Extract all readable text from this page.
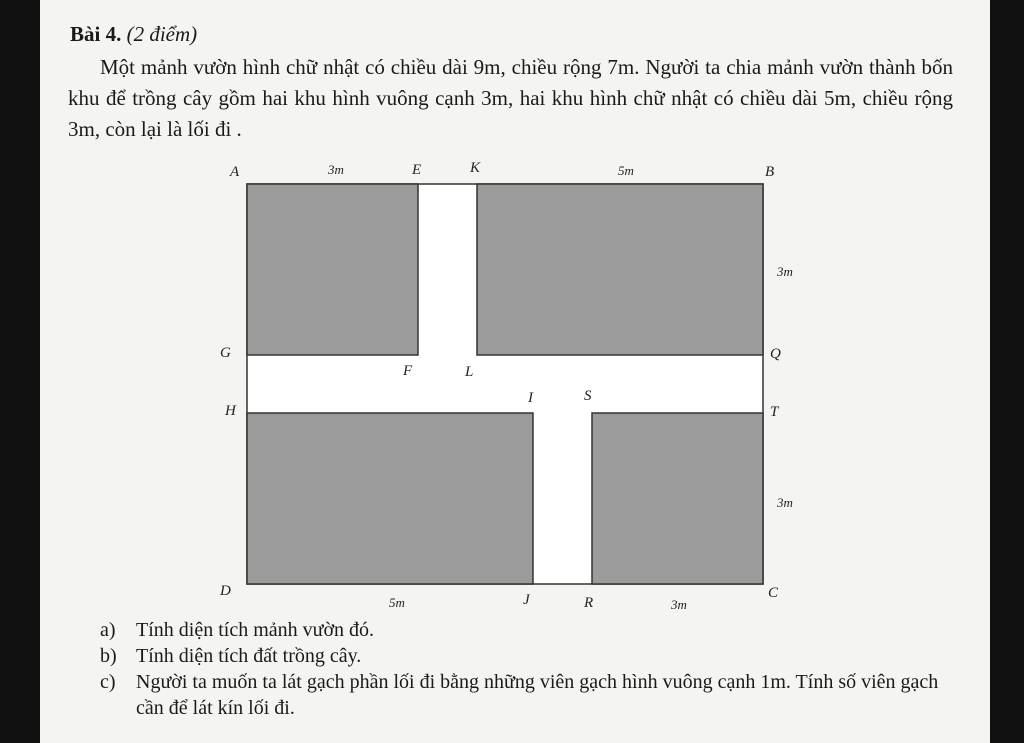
Bài 4. (2 điểm)
Một mảnh vườn hình chữ nhật có chiều dài 9m, chiều rộng 7m. Người ta chia mảnh vườn thành bốn khu để trồng cây gồm hai khu hình vuông cạnh 3m, hai khu hình chữ nhật có chiều dài 5m, chiều rộng 3m, còn lại là lối đi .
A	E	K	B
G
F	L
Q
H
I	S
T
D
J	R
C
3m	5m
3m
3m
5m	3m
a)	Tính diện tích mảnh vườn đó.
b) Tính diện tích đất trồng cây.
c)	Người ta muốn ta lát gạch phần lối đi bằng những viên gạch hình vuông cạnh 1m. Tính số viên gạch cần để lát kín lối đi.
